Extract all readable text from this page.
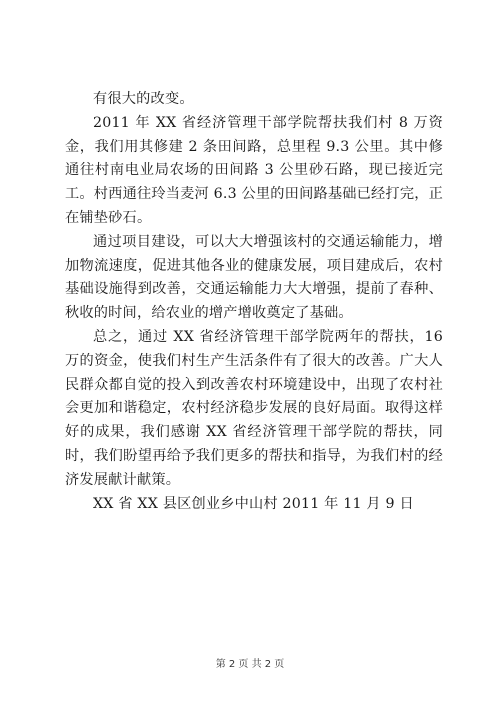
有很大的改变。

2011 年 XX 省经济管理干部学院帮扶我们村 8 万资金，我们用其修建 2 条田间路，总里程 9.3 公里。其中修通往村南电业局农场的田间路 3 公里砂石路，现已接近完工。村西通往玲当麦河 6.3 公里的田间路基础已经打完，正在铺垫砂石。

通过项目建设，可以大大增强该村的交通运输能力，增加物流速度，促进其他各业的健康发展，项目建成后，农村基础设施得到改善，交通运输能力大大增强，提前了春种、秋收的时间，给农业的增产增收奠定了基础。

总之，通过 XX 省经济管理干部学院两年的帮扶，16 万的资金，使我们村生产生活条件有了很大的改善。广大人民群众都自觉的投入到改善农村环境建设中，出现了农村社会更加和谐稳定，农村经济稳步发展的良好局面。取得这样好的成果，我们感谢 XX 省经济管理干部学院的帮扶，同时，我们盼望再给予我们更多的帮扶和指导，为我们村的经济发展献计献策。

XX 省 XX 县区创业乡中山村 2011 年 11 月 9 日

第 2 页 共 2 页
